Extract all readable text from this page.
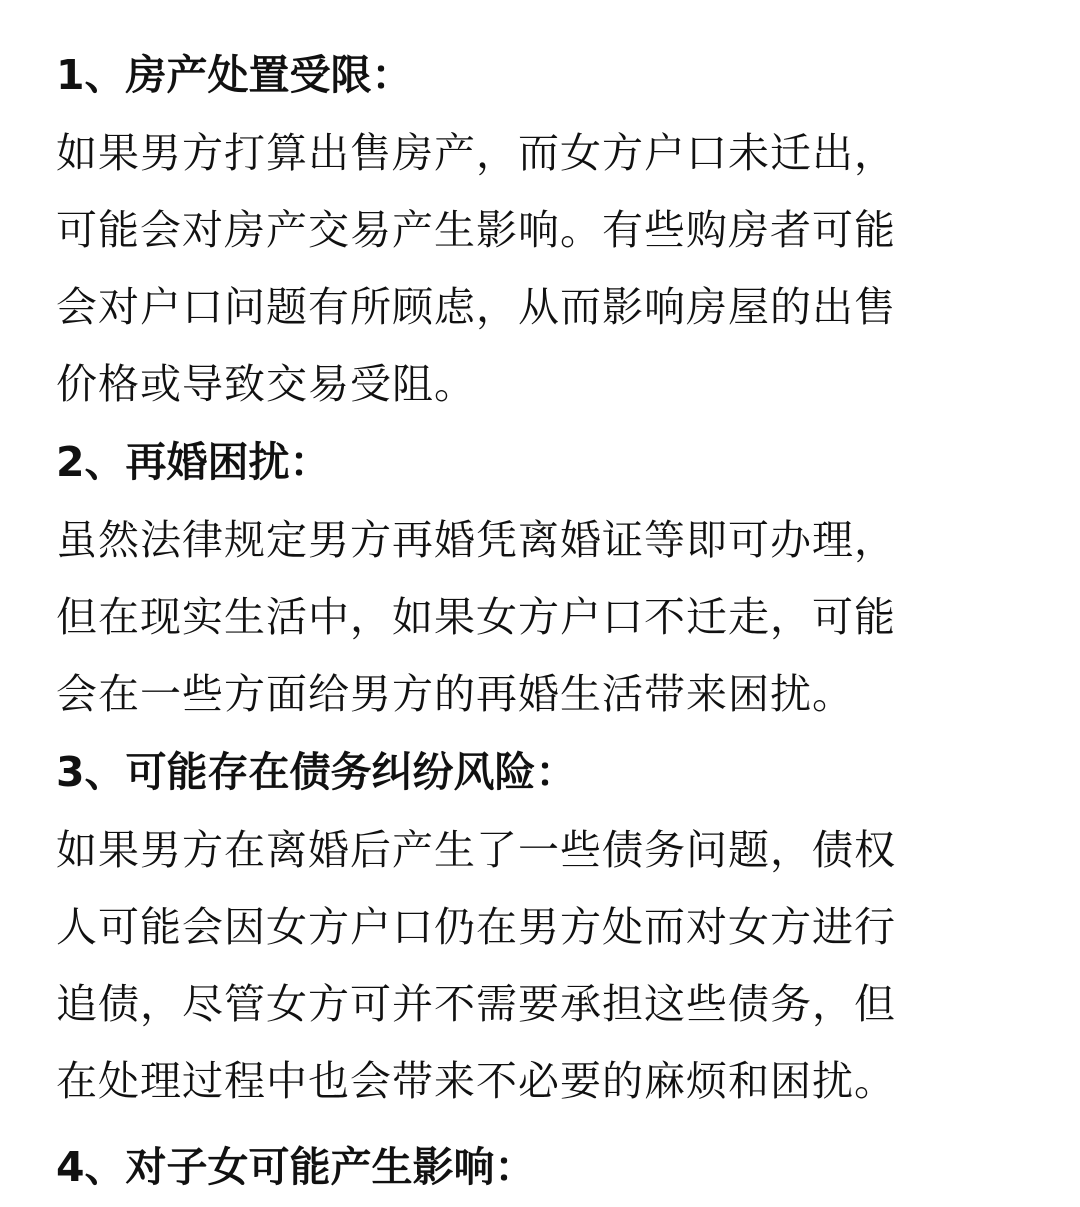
1、房产处置受限：
如果男方打算出售房产，而女方户口未迁出，
可能会对房产交易产生影响。有些购房者可能
会对户口问题有所顾虑，从而影响房屋的出售
价格或导致交易受阻。
2、再婚困扰：
虽然法律规定男方再婚凭离婚证等即可办理，
但在现实生活中，如果女方户口不迁走，可能
会在一些方面给男方的再婚生活带来困扰。
3、可能存在债务纠纷风险：
如果男方在离婚后产生了一些债务问题，债权
人可能会因女方户口仍在男方处而对女方进行
追债，尽管女方可并不需要承担这些债务，但
在处理过程中也会带来不必要的麻烦和困扰。
4、对子女可能产生影响：
